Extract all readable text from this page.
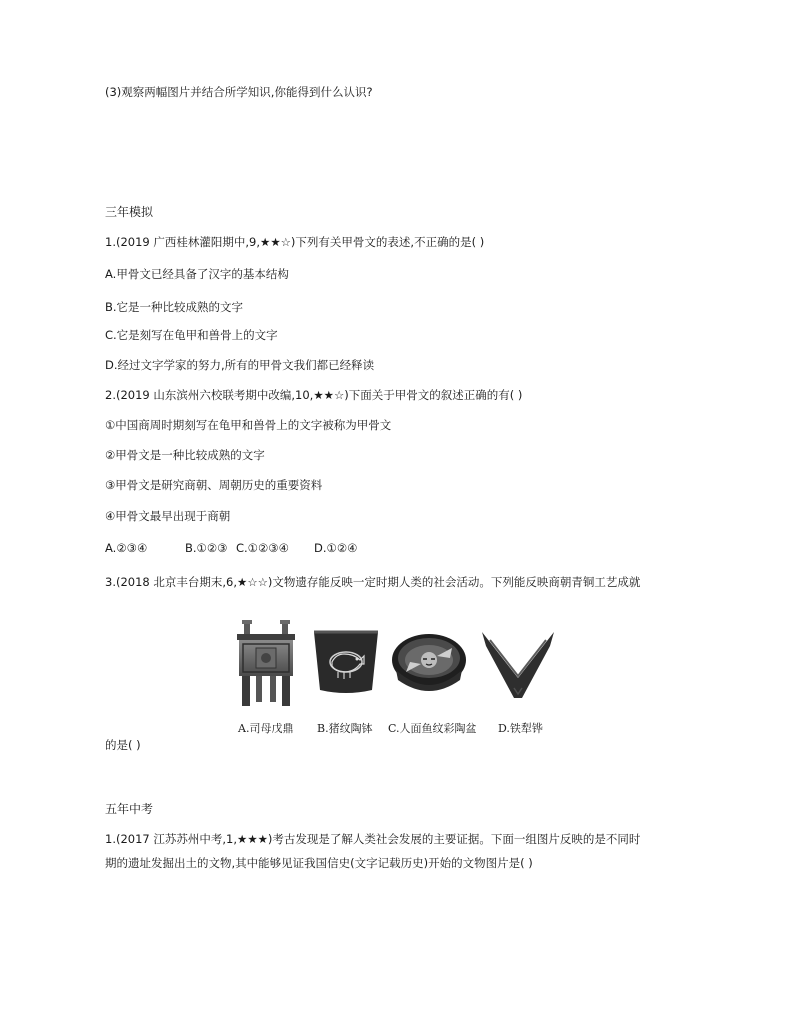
(3)观察两幅图片并结合所学知识,你能得到什么认识?
三年模拟
1.(2019 广西桂林灌阳期中,9,★★☆)下列有关甲骨文的表述,不正确的是( )
A.甲骨文已经具备了汉字的基本结构
B.它是一种比较成熟的文字
C.它是刻写在龟甲和兽骨上的文字
D.经过文字学家的努力,所有的甲骨文我们都已经释读
2.(2019 山东滨州六校联考期中改编,10,★★☆)下面关于甲骨文的叙述正确的有( )
①中国商周时期刻写在龟甲和兽骨上的文字被称为甲骨文
②甲骨文是一种比较成熟的文字
③甲骨文是研究商朝、周朝历史的重要资料
④甲骨文最早出现于商朝
A.②③④	B.①②③ C.①②③④ D.①②④
3.(2018 北京丰台期末,6,★☆☆)文物遗存能反映一定时期人类的社会活动。下列能反映商朝青铜工艺成就
A.司母戊鼎 B.猪纹陶钵 C.人面鱼纹彩陶盆 D.铁犁铧
的是( )
五年中考
1.(2017 江苏苏州中考,1,★★★)考古发现是了解人类社会发展的主要证据。下面一组图片反映的是不同时
期的遗址发掘出土的文物,其中能够见证我国信史(文字记载历史)开始的文物图片是( )
